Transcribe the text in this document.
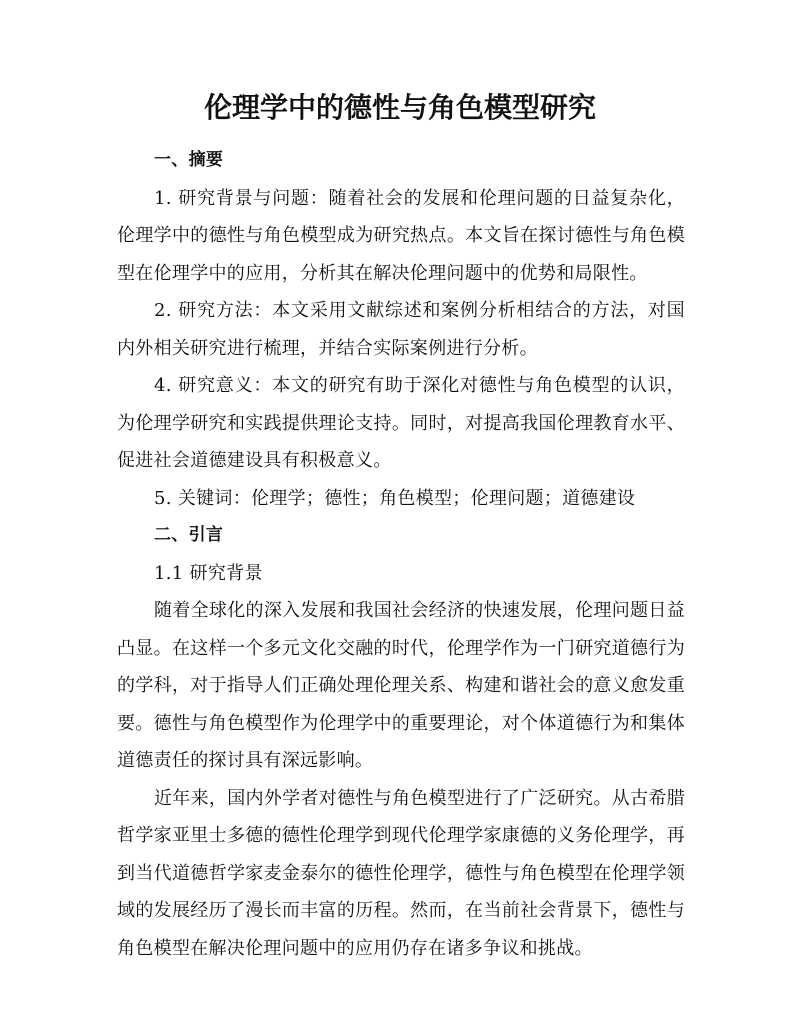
伦理学中的德性与角色模型研究

一、摘要

1. 研究背景与问题：随着社会的发展和伦理问题的日益复杂化，伦理学中的德性与角色模型成为研究热点。本文旨在探讨德性与角色模型在伦理学中的应用，分析其在解决伦理问题中的优势和局限性。

2. 研究方法：本文采用文献综述和案例分析相结合的方法，对国内外相关研究进行梳理，并结合实际案例进行分析。

4. 研究意义：本文的研究有助于深化对德性与角色模型的认识，为伦理学研究和实践提供理论支持。同时，对提高我国伦理教育水平、促进社会道德建设具有积极意义。

5. 关键词：伦理学；德性；角色模型；伦理问题；道德建设

二、引言

1.1 研究背景

随着全球化的深入发展和我国社会经济的快速发展，伦理问题日益凸显。在这样一个多元文化交融的时代，伦理学作为一门研究道德行为的学科，对于指导人们正确处理伦理关系、构建和谐社会的意义愈发重要。德性与角色模型作为伦理学中的重要理论，对个体道德行为和集体道德责任的探讨具有深远影响。

近年来，国内外学者对德性与角色模型进行了广泛研究。从古希腊哲学家亚里士多德的德性伦理学到现代伦理学家康德的义务伦理学，再到当代道德哲学家麦金泰尔的德性伦理学，德性与角色模型在伦理学领域的发展经历了漫长而丰富的历程。然而，在当前社会背景下，德性与角色模型在解决伦理问题中的应用仍存在诸多争议和挑战。
